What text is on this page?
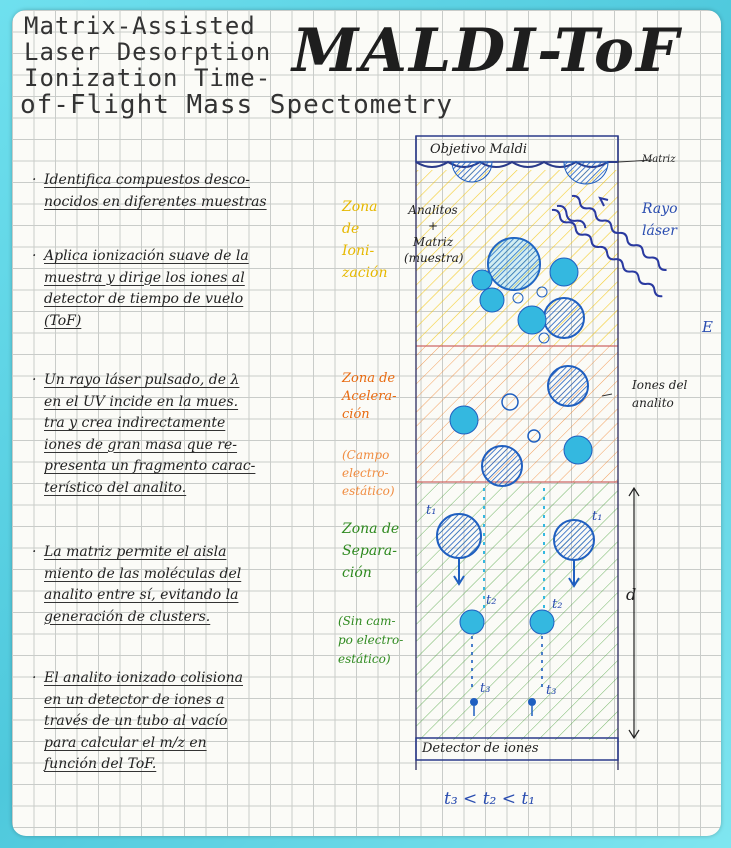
Matrix-Assisted
Laser Desorption
Ionization Time-
of-Flight Mass Spectometry
MALDI-ToF
· Identifica compuestos desco-
nocidos en diferentes muestras
· Aplica ionización suave de la
muestra y dirige los iones al
detector de tiempo de vuelo
(ToF)
· Un rayo láser pulsado, de λ
en el UV incide en la mues.
tra y crea indirectamente
iones de gran masa que re-
presenta un fragmento carac-
terístico del analito.
· La matriz permite el aisla
miento de las moléculas del
analito entre sí, evitando la
generación de clusters.
· El analito ionizado colisiona
en un detector de iones a
través de un tubo al vacío
para calcular el m/z en
función del ToF.
Objetivo Maldi
Matriz
Analitos
+
Matriz
(muestra)
Rayo
láser
E
Zona
de
Ioni-
zación
Zona de
Acelera-
ción
(Campo
electro-
estático)
Iones del
analito
Zona de
Separa-
ción
(Sin cam-
po electro-
estático)
t₁	t₁
t₂	t₂
t₃	t₃
d
Detector de iones
t₃ < t₂ < t₁
